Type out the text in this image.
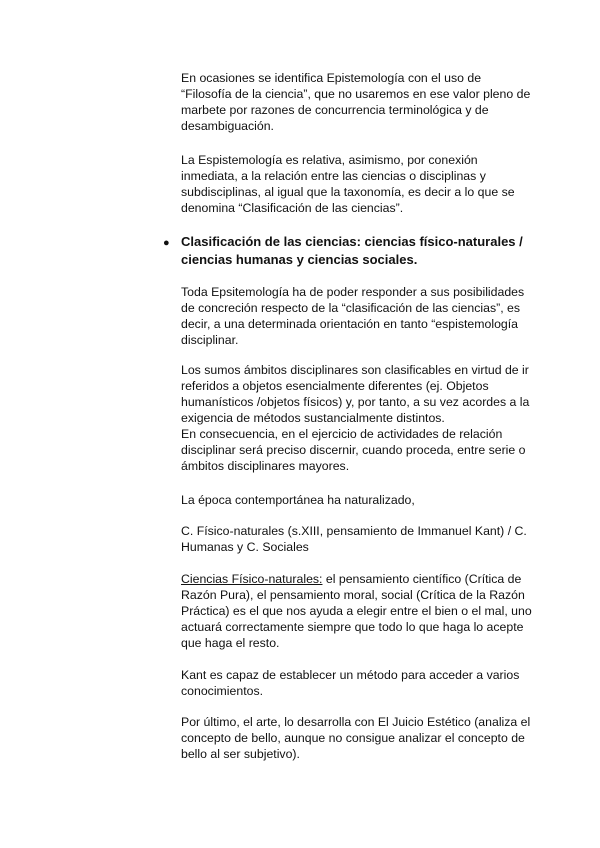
En ocasiones se identifica Epistemología con el uso de
“Filosofía de la ciencia”, que no usaremos en ese valor pleno de
marbete por razones de concurrencia terminológica y de
desambiguación.

La Espistemología es relativa, asimismo, por conexión
inmediata, a la relación entre las ciencias o disciplinas y
subdisciplinas, al igual que la taxonomía, es decir a lo que se
denomina “Clasificación de las ciencias”.

● Clasificación de las ciencias: ciencias físico-naturales /
ciencias humanas y ciencias sociales.

Toda Epsitemología ha de poder responder a sus posibilidades
de concreción respecto de la “clasificación de las ciencias”, es
decir, a una determinada orientación en tanto “espistemología
disciplinar.

Los sumos ámbitos disciplinares son clasificables en virtud de ir
referidos a objetos esencialmente diferentes (ej. Objetos
humanísticos /objetos físicos) y, por tanto, a su vez acordes a la
exigencia de métodos sustancialmente distintos.
En consecuencia, en el ejercicio de actividades de relación
disciplinar será preciso discernir, cuando proceda, entre serie o
ámbitos disciplinares mayores.

La época contemportánea ha naturalizado,

C. Físico-naturales (s.XIII, pensamiento de Immanuel Kant) / C.
Humanas y C. Sociales

Ciencias Físico-naturales: el pensamiento científico (Crítica de
Razón Pura), el pensamiento moral, social (Crítica de la Razón
Práctica) es el que nos ayuda a elegir entre el bien o el mal, uno
actuará correctamente siempre que todo lo que haga lo acepte
que haga el resto.

Kant es capaz de establecer un método para acceder a varios
conocimientos.

Por último, el arte, lo desarrolla con El Juicio Estético (analiza el
concepto de bello, aunque no consigue analizar el concepto de
bello al ser subjetivo).
